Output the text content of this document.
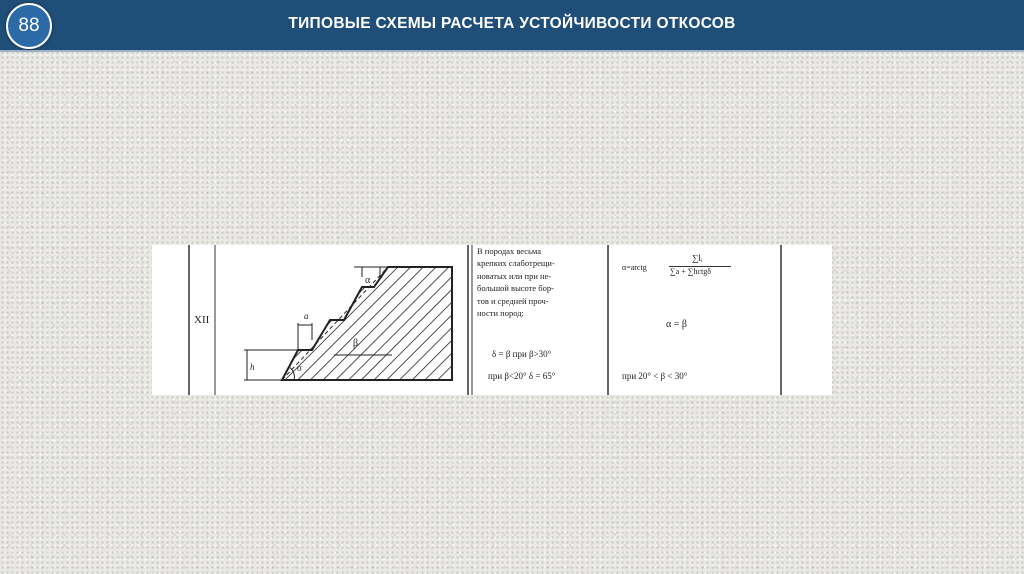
88	ТИПОВЫЕ СХЕМЫ РАСЧЕТА УСТОЙЧИВОСТИ ОТКОСОВ
α
a
β
h	σ
XII
В породах весьма
крепких слаботрещи-
новатых или при не-
большой высоте бор-
тов и средней проч-
ности пород:
δ = β при β>30°
при β<20° δ = 65°
α=arctg
∑lᵢ
∑a + ∑hctgδ
α = β
при 20° < β < 30°
